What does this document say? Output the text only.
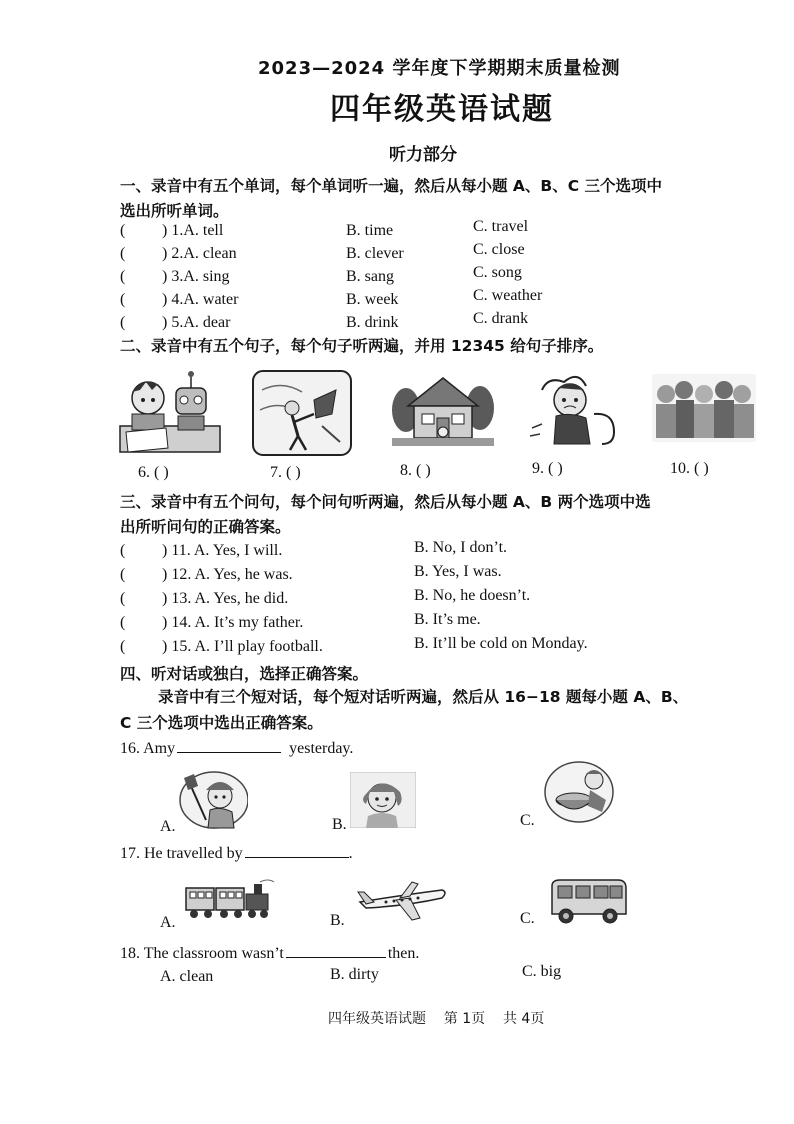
2023—2024 学年度下学期期末质量检测
四年级英语试题
听力部分
一、录音中有五个单词，每个单词听一遍，然后从每小题 A、B、C 三个选项中
选出所听单词。
( ) 1.A. tell	B. time	C. travel
( ) 2.A. clean	B. clever	C. close
( ) 3.A. sing	B. sang	C. song
( ) 4.A. water	B. week	C. weather
( ) 5.A. dear	B. drink	C. drank
二、录音中有五个句子，每个句子听两遍，并用 12345 给句子排序。
6. ( )	7. ( )	8. ( )	9. ( )	10. ( )
三、录音中有五个问句，每个问句听两遍，然后从每小题 A、B 两个选项中选
出所听问句的正确答案。
( ) 11. A. Yes, I will.	B. No, I don’t.
( ) 12. A. Yes, he was.	B. Yes, I was.
( ) 13. A. Yes, he did.	B. No, he doesn’t.
( ) 14. A. It’s my father.	B. It’s me.
( ) 15. A. I’ll play football.	B. It’ll be cold on Monday.
四、听对话或独白，选择正确答案。
录音中有三个短对话，每个短对话听两遍，然后从 16−18 题每小题 A、B、
C 三个选项中选出正确答案。
16. Amy	yesterday.
A.	B.	C.
17. He travelled by	.
A.	B.	C.
18. The classroom wasn’t	then.
A. clean	B. dirty	C. big
四年级英语试题    第 1页    共 4页
